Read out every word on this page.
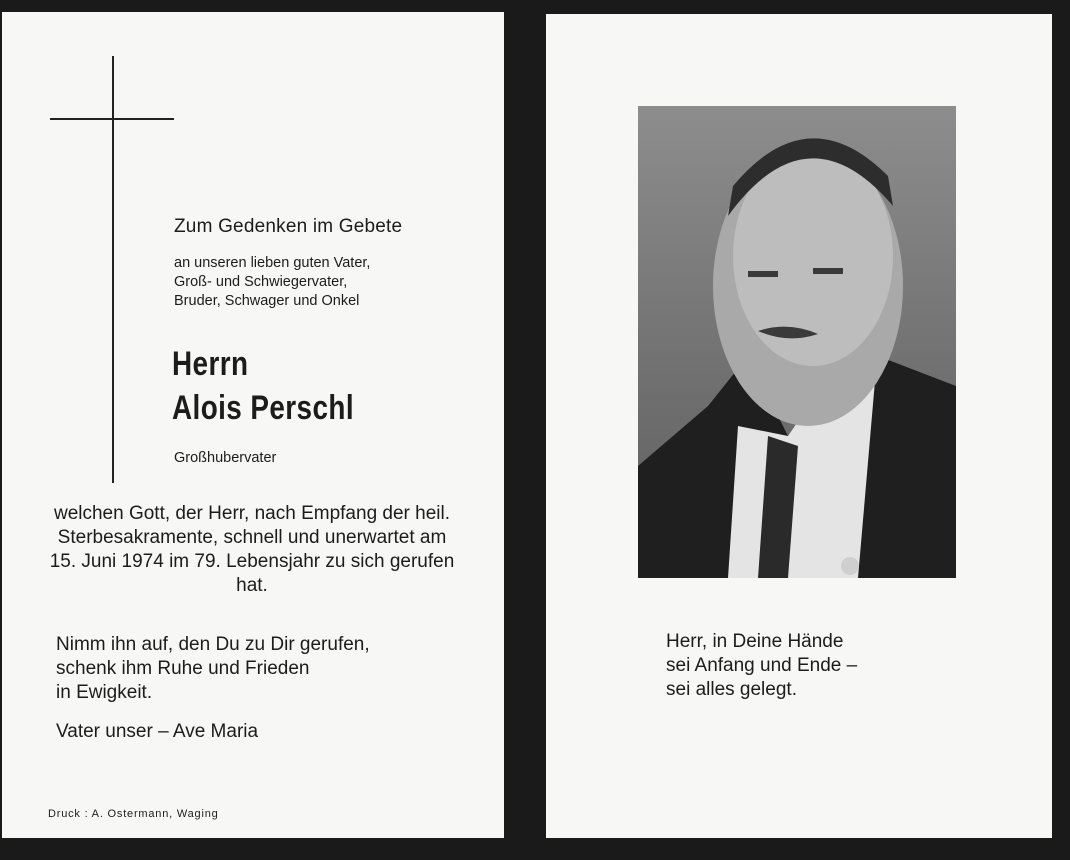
Zum Gedenken im Gebete
an unseren lieben guten Vater,
Groß- und Schwiegervater,
Bruder, Schwager und Onkel
Herrn
Alois Perschl
Großhubervater
welchen Gott, der Herr, nach Empfang der heil. Sterbesakramente, schnell und unerwartet am 15. Juni 1974 im 79. Lebensjahr zu sich gerufen hat.
Nimm ihn auf, den Du zu Dir gerufen,
schenk ihm Ruhe und Frieden
in Ewigkeit.
Vater unser – Ave Maria
Druck : A. Ostermann, Waging
Herr, in Deine Hände
sei Anfang und Ende –
sei alles gelegt.
